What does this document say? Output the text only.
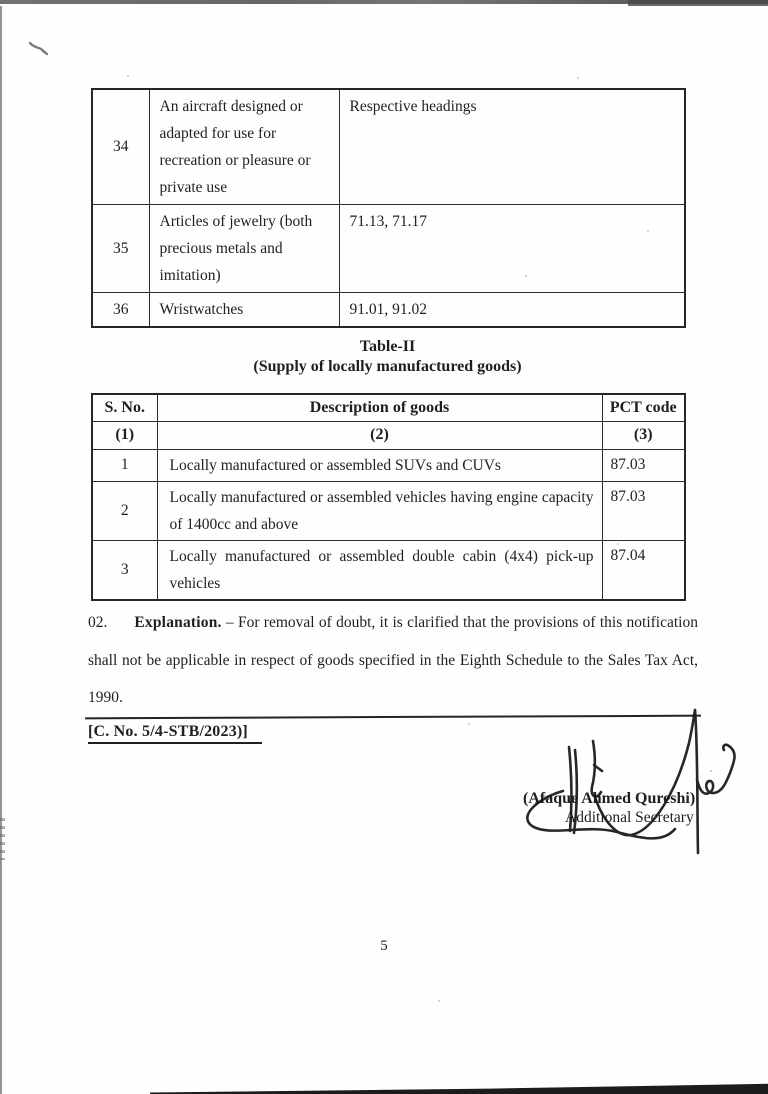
34	An aircraft designed or adapted for use for recreation or pleasure or private use	Respective headings
35	Articles of jewelry (both precious metals and imitation)	71.13, 71.17
36	Wristwatches	91.01, 91.02
Table-II
(Supply of locally manufactured goods)
S. No.	Description of goods	PCT code
(1)	(2)	(3)
1	Locally manufactured or assembled SUVs and CUVs	87.03
2	Locally manufactured or assembled vehicles having engine capacity of 1400cc and above	87.03
3	Locally manufactured or assembled double cabin (4x4) pick-up vehicles	87.04

02. Explanation. – For removal of doubt, it is clarified that the provisions of this notification shall not be applicable in respect of goods specified in the Eighth Schedule to the Sales Tax Act, 1990.

[C. No. 5/4-STB/2023)]
(Afaque Ahmed Qureshi)
Additional Secretary
5
